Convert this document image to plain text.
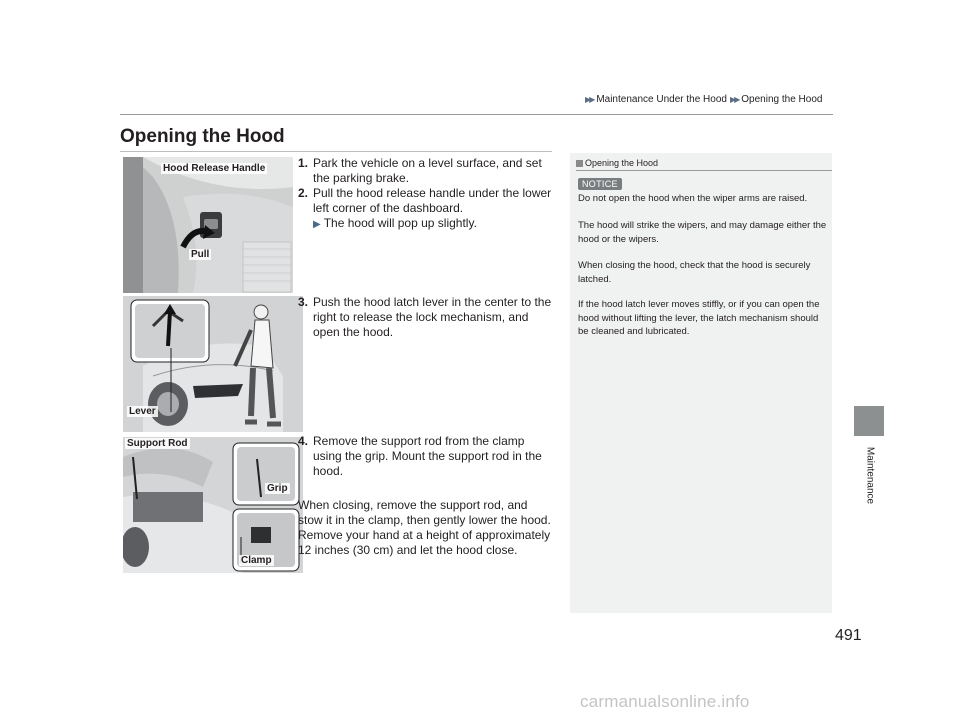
▶▶ Maintenance Under the Hood ▶▶ Opening the Hood
Opening the Hood
Hood Release Handle
Pull
Lever
Support Rod
Grip
Clamp
1. Park the vehicle on a level surface, and set the parking brake.
2. Pull the hood release handle under the lower left corner of the dashboard.
▶ The hood will pop up slightly.
3. Push the hood latch lever in the center to the right to release the lock mechanism, and open the hood.
4. Remove the support rod from the clamp using the grip. Mount the support rod in the hood.
When closing, remove the support rod, and stow it in the clamp, then gently lower the hood. Remove your hand at a height of approximately 12 inches (30 cm) and let the hood close.
Opening the Hood
NOTICE
Do not open the hood when the wiper arms are raised.
The hood will strike the wipers, and may damage either the hood or the wipers.
When closing the hood, check that the hood is securely latched.
If the hood latch lever moves stiffly, or if you can open the hood without lifting the lever, the latch mechanism should be cleaned and lubricated.
Maintenance
491
carmanualsonline.info
